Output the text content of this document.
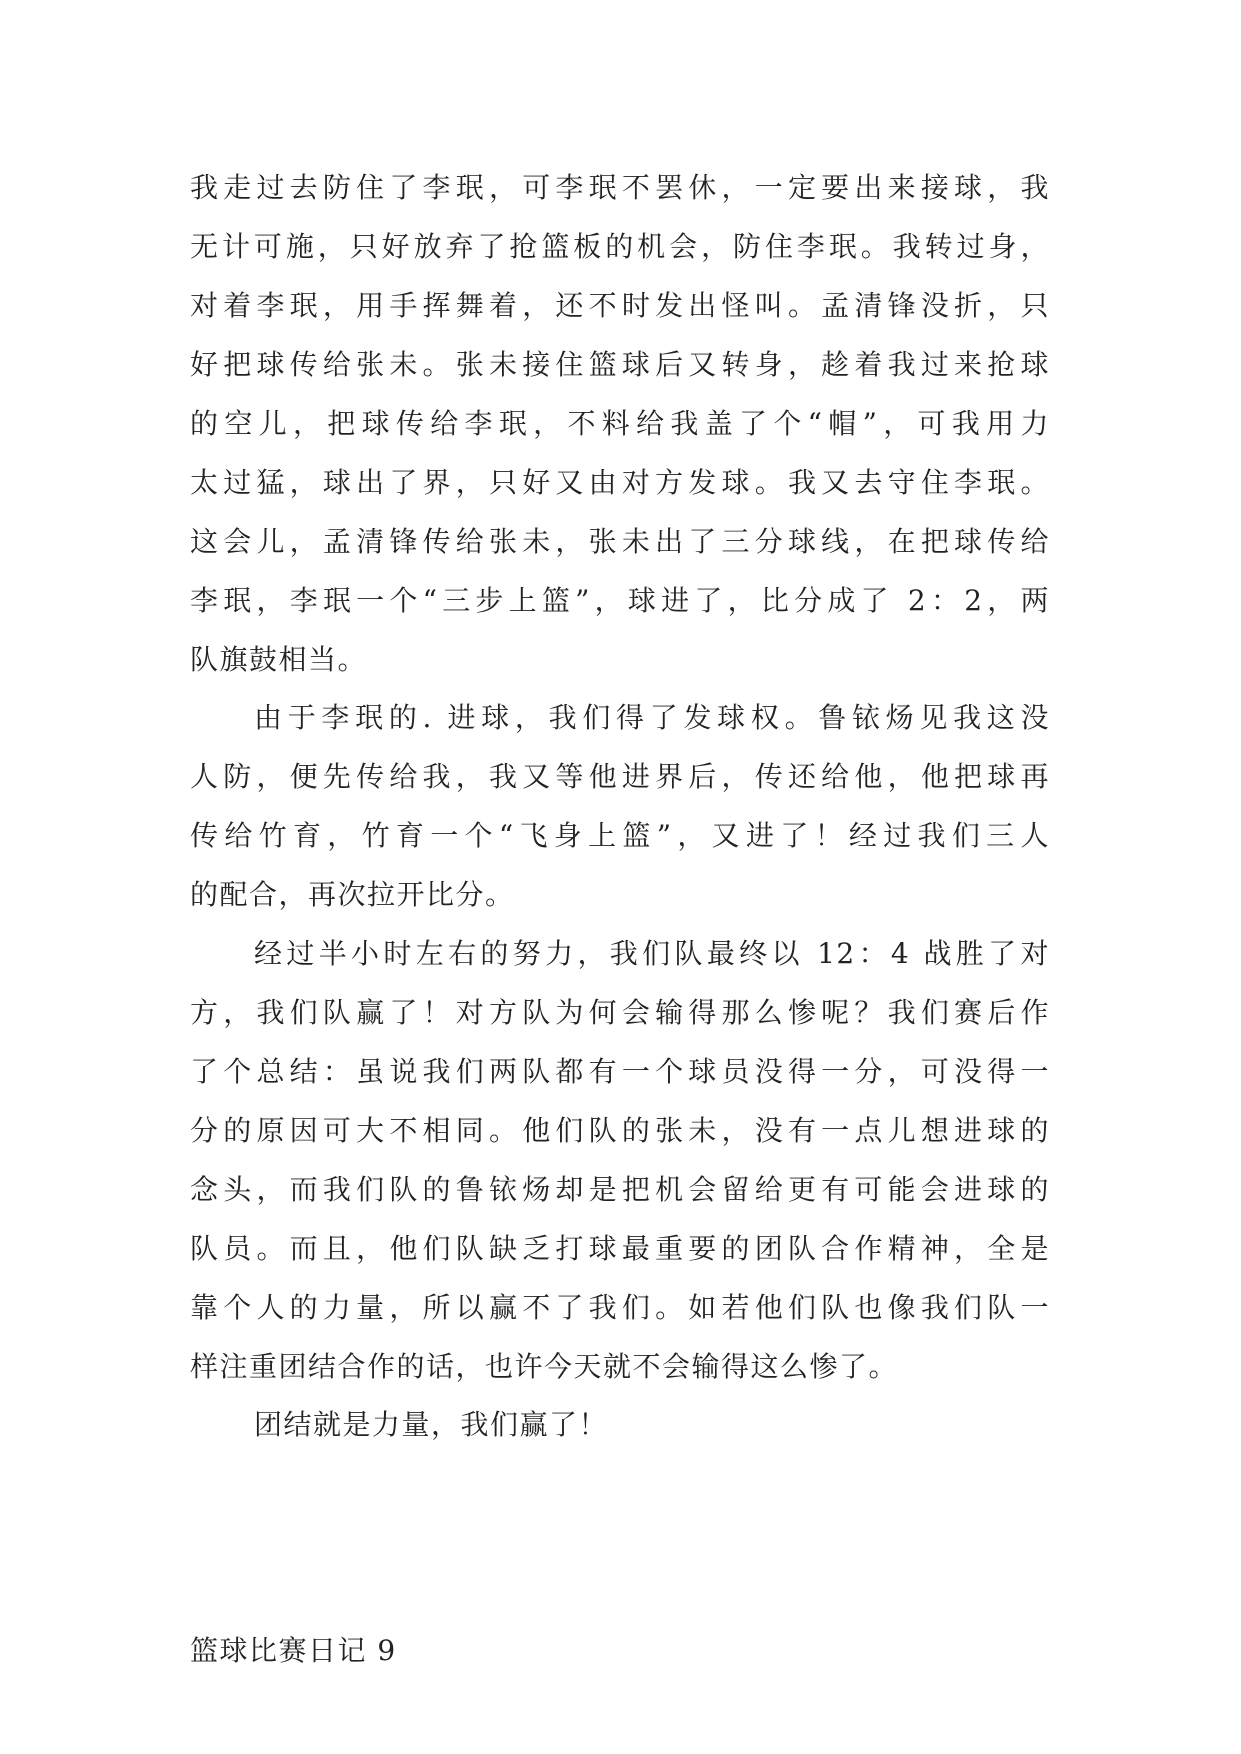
我走过去防住了李珉，可李珉不罢休，一定要出来接球，我
无计可施，只好放弃了抢篮板的机会，防住李珉。我转过身，
对着李珉，用手挥舞着，还不时发出怪叫。孟清锋没折，只
好把球传给张未。张未接住篮球后又转身，趁着我过来抢球
的空儿，把球传给李珉，不料给我盖了个“帽”，可我用力
太过猛，球出了界，只好又由对方发球。我又去守住李珉。
这会儿，孟清锋传给张未，张未出了三分球线，在把球传给
李珉，李珉一个“三步上篮”，球进了，比分成了 2：2，两
队旗鼓相当。
由于李珉的. 进球，我们得了发球权。鲁铱炀见我这没
人防，便先传给我，我又等他进界后，传还给他，他把球再
传给竹育，竹育一个“飞身上篮”，又进了！经过我们三人
的配合，再次拉开比分。
经过半小时左右的努力，我们队最终以 12：4 战胜了对
方，我们队赢了！对方队为何会输得那么惨呢？我们赛后作
了个总结：虽说我们两队都有一个球员没得一分，可没得一
分的原因可大不相同。他们队的张未，没有一点儿想进球的
念头，而我们队的鲁铱炀却是把机会留给更有可能会进球的
队员。而且，他们队缺乏打球最重要的团队合作精神，全是
靠个人的力量，所以赢不了我们。如若他们队也像我们队一
样注重团结合作的话，也许今天就不会输得这么惨了。
团结就是力量，我们赢了！

篮球比赛日记 9
